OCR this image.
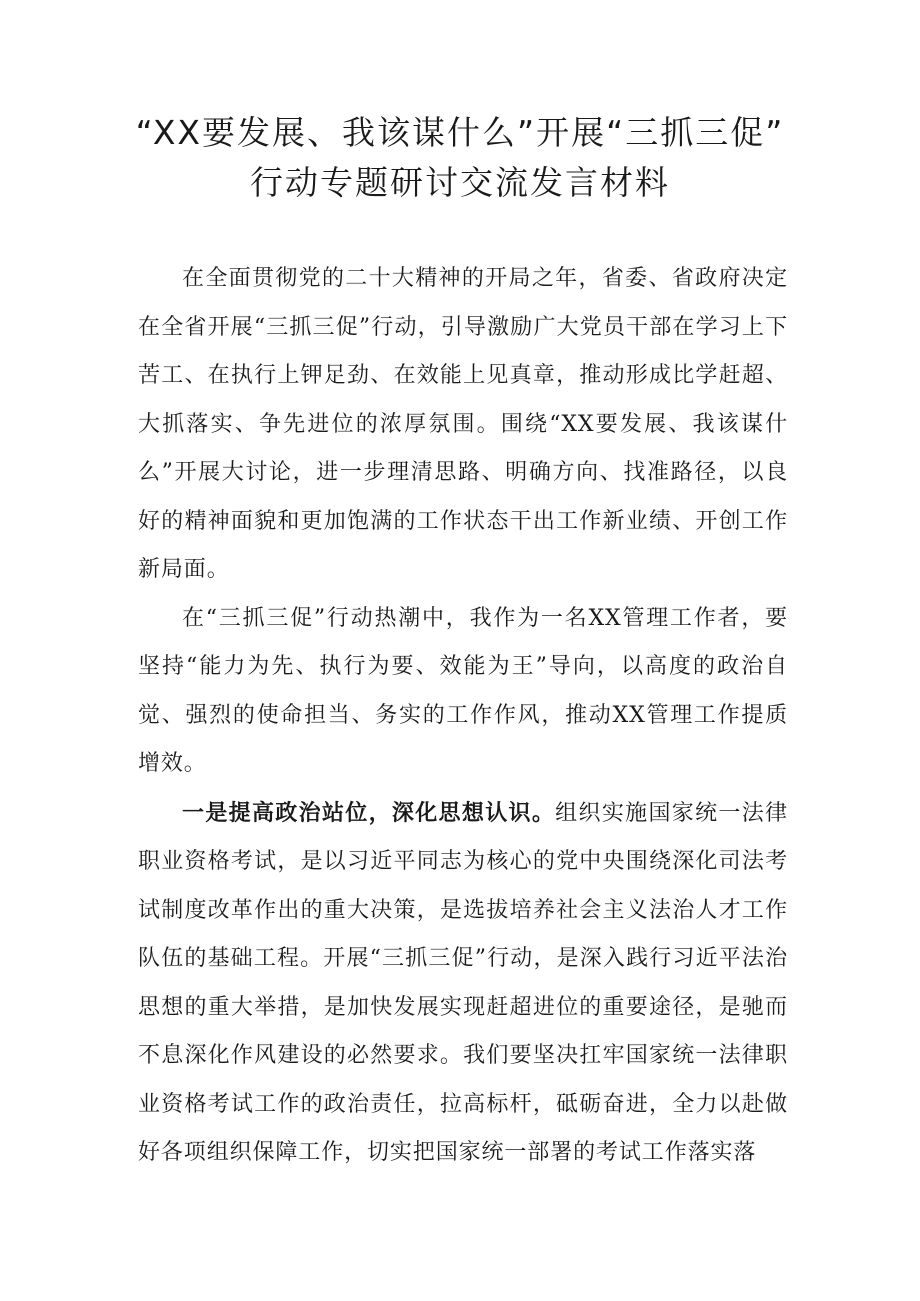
“XX要发展、我该谋什么”开展“三抓三促”
行动专题研讨交流发言材料

在全面贯彻党的二十大精神的开局之年，省委、省政府决定在全省开展“三抓三促”行动，引导激励广大党员干部在学习上下苦工、在执行上钾足劲、在效能上见真章，推动形成比学赶超、大抓落实、争先进位的浓厚氛围。围绕“XX要发展、我该谋什么”开展大讨论，进一步理清思路、明确方向、找准路径，以良好的精神面貌和更加饱满的工作状态干出工作新业绩、开创工作新局面。

在“三抓三促”行动热潮中，我作为一名XX管理工作者，要坚持“能力为先、执行为要、效能为王”导向，以高度的政治自觉、强烈的使命担当、务实的工作作风，推动XX管理工作提质增效。

一是提高政治站位，深化思想认识。组织实施国家统一法律职业资格考试，是以习近平同志为核心的党中央围绕深化司法考试制度改革作出的重大决策，是选拔培养社会主义法治人才工作队伍的基础工程。开展“三抓三促”行动，是深入践行习近平法治思想的重大举措，是加快发展实现赶超进位的重要途径，是驰而不息深化作风建设的必然要求。我们要坚决扛牢国家统一法律职业资格考试工作的政治责任，拉高标杆，砥砺奋进，全力以赴做好各项组织保障工作，切实把国家统一部署的考试工作落实落
